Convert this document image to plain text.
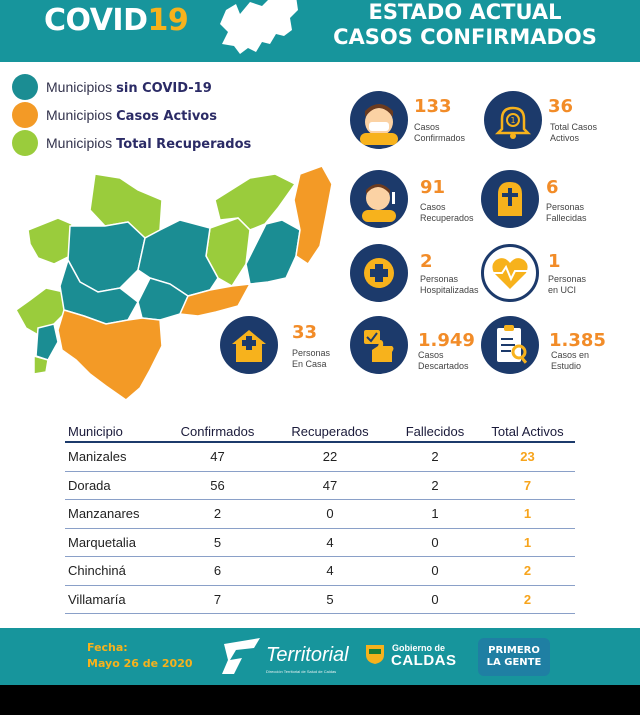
COVID19	ESTADO ACTUAL
CASOS CONFIRMADOS
Municipios sin COVID-19
Municipios Casos Activos
Municipios Total Recuperados
133
Casos
Confirmados
1
36
Total Casos
Activos
91
Casos
Recuperados
6
Personas
Fallecidas
2
Personas
Hospitalizadas
1
Personas
en UCI
33
Personas
En Casa
1.949
Casos
Descartados
1.385
Casos en
Estudio
Municipio	Confirmados	Recuperados	Fallecidos	Total Activos
Manizales	47	22	2	23
Dorada	56	47	2	7
Manzanares	2	0	1	1
Marquetalia	5	4	0	1
Chinchiná	6	4	0	2
Villamaría	7	5	0	2
Fecha:
Mayo 26 de 2020	Territorial
Dirección Territorial de Salud de Caldas
Gobierno de
CALDAS
PRIMERO
LA GENTE
